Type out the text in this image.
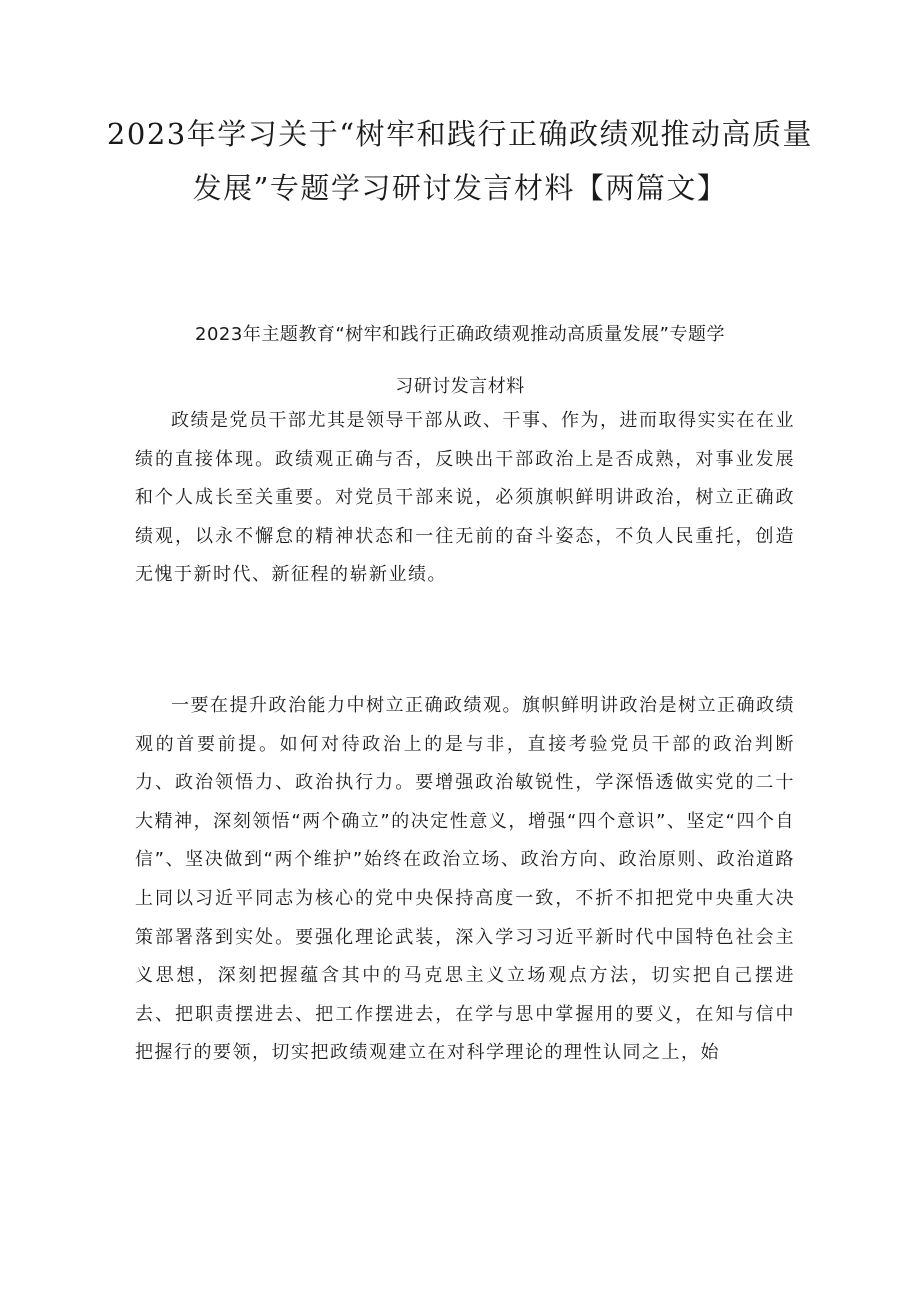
2023年学习关于“树牢和践行正确政绩观推动高质量
发展”专题学习研讨发言材料【两篇文】
2023年主题教育“树牢和践行正确政绩观推动高质量发展”专题学
习研讨发言材料

政绩是党员干部尤其是领导干部从政、干事、作为，进而取得实实在在业绩的直接体现。政绩观正确与否，反映出干部政治上是否成熟，对事业发展和个人成长至关重要。对党员干部来说，必须旗帜鲜明讲政治，树立正确政绩观，以永不懈怠的精神状态和一往无前的奋斗姿态，不负人民重托，创造无愧于新时代、新征程的崭新业绩。

一要在提升政治能力中树立正确政绩观。旗帜鲜明讲政治是树立正确政绩观的首要前提。如何对待政治上的是与非，直接考验党员干部的政治判断力、政治领悟力、政治执行力。要增强政治敏锐性，学深悟透做实党的二十大精神，深刻领悟“两个确立”的决定性意义，增强“四个意识”、坚定“四个自信”、坚决做到“两个维护”始终在政治立场、政治方向、政治原则、政治道路上同以习近平同志为核心的党中央保持高度一致，不折不扣把党中央重大决策部署落到实处。要强化理论武装，深入学习习近平新时代中国特色社会主义思想，深刻把握蕴含其中的马克思主义立场观点方法，切实把自己摆进去、把职责摆进去、把工作摆进去，在学与思中掌握用的要义，在知与信中把握行的要领，切实把政绩观建立在对科学理论的理性认同之上，始
